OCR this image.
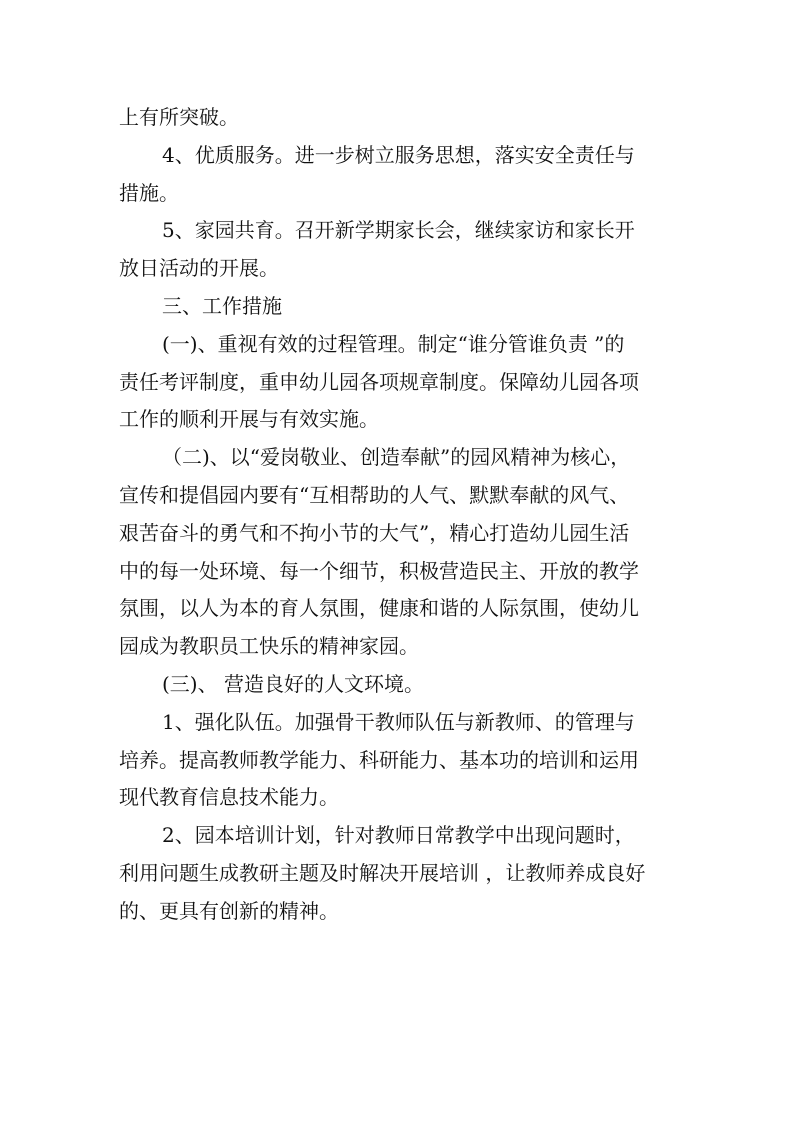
上有所突破。
4、优质服务。进一步树立服务思想，落实安全责任与
措施。
5、家园共育。召开新学期家长会，继续家访和家长开
放日活动的开展。
三、工作措施
(一)、重视有效的过程管理。制定“谁分管谁负责 ”的
责任考评制度，重申幼儿园各项规章制度。保障幼儿园各项
工作的顺利开展与有效实施。
（二)、以“爱岗敬业、创造奉献”的园风精神为核心，
宣传和提倡园内要有“互相帮助的人气、默默奉献的风气、
艰苦奋斗的勇气和不拘小节的大气”，精心打造幼儿园生活
中的每一处环境、每一个细节，积极营造民主、开放的教学
氛围，以人为本的育人氛围，健康和谐的人际氛围，使幼儿
园成为教职员工快乐的精神家园。
(三)、 营造良好的人文环境。
1、强化队伍。加强骨干教师队伍与新教师、的管理与
培养。提高教师教学能力、科研能力、基本功的培训和运用
现代教育信息技术能力。
2、园本培训计划，针对教师日常教学中出现问题时，
利用问题生成教研主题及时解决开展培训 ，让教师养成良好
的、更具有创新的精神。
